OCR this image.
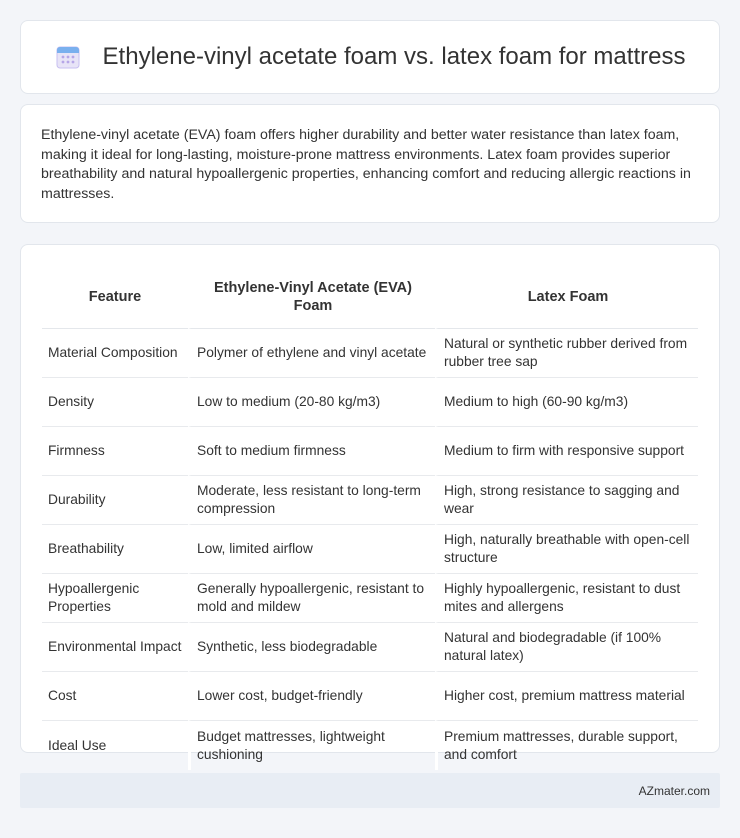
Ethylene-vinyl acetate foam vs. latex foam for mattress

Ethylene-vinyl acetate (EVA) foam offers higher durability and better water resistance than latex foam, making it ideal for long-lasting, moisture-prone mattress environments. Latex foam provides superior breathability and natural hypoallergenic properties, enhancing comfort and reducing allergic reactions in mattresses.

Feature	Ethylene-Vinyl Acetate (EVA) Foam	Latex Foam
Material Composition	Polymer of ethylene and vinyl acetate	Natural or synthetic rubber derived from rubber tree sap
Density	Low to medium (20-80 kg/m3)	Medium to high (60-90 kg/m3)
Firmness	Soft to medium firmness	Medium to firm with responsive support
Durability	Moderate, less resistant to long-term compression	High, strong resistance to sagging and wear
Breathability	Low, limited airflow	High, naturally breathable with open-cell structure
Hypoallergenic Properties	Generally hypoallergenic, resistant to mold and mildew	Highly hypoallergenic, resistant to dust mites and allergens
Environmental Impact	Synthetic, less biodegradable	Natural and biodegradable (if 100% natural latex)
Cost	Lower cost, budget-friendly	Higher cost, premium mattress material
Ideal Use	Budget mattresses, lightweight cushioning	Premium mattresses, durable support, and comfort
AZmater.com
